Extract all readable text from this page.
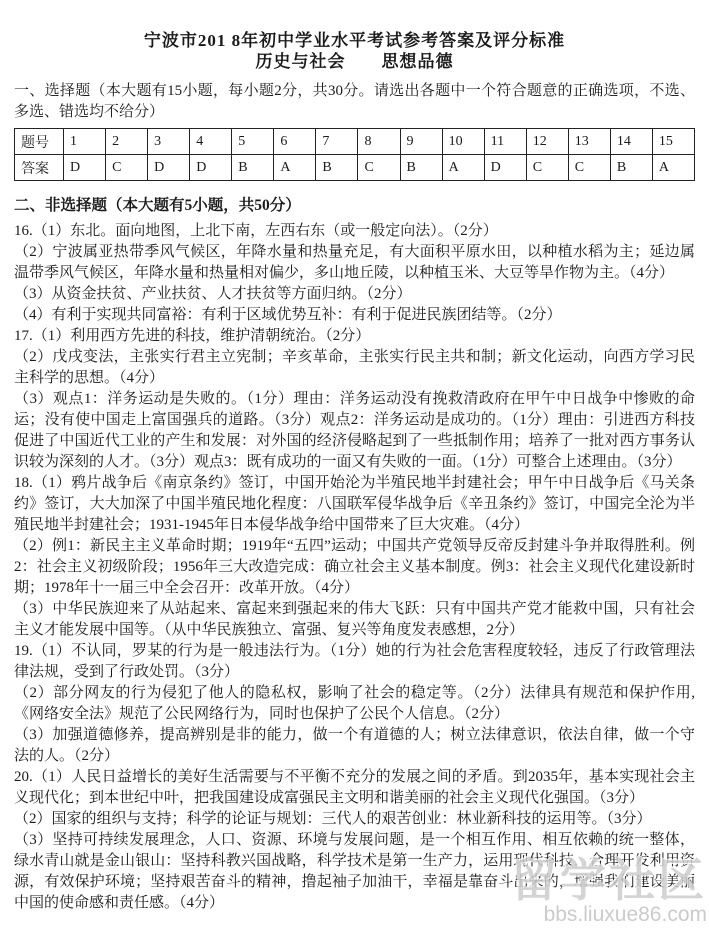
宁波市201 8年初中学业水平考试参考答案及评分标准
历史与社会　　思想品德

一、选择题（本大题有15小题，每小题2分，共30分。请选出各题中一个符合题意的正确选项，不选、多选、错选均不给分）

题号	1	2	3	4	5	6	7	8	9	10	11	12	13	14	15
答案	D	C	D	D	B	A	B	C	B	A	D	C	C	B	A

二、非选择题（本大题有5小题，共50分）

16.（1）东北。面向地图，上北下南，左西右东（或一般定向法）。（2分）

（2）宁波属亚热带季风气候区，年降水量和热量充足，有大面积平原水田，以种植水稻为主；延边属温带季风气候区，年降水量和热量相对偏少，多山地丘陵，以种植玉米、大豆等旱作物为主。（4分）

（3）从资金扶贫、产业扶贫、人才扶贫等方面归纳。（2分）

（4）有利于实现共同富裕：有利于区域优势互补：有利于促进民族团结等。（2分）

17.（1）利用西方先进的科技，维护清朝统治。（2分）

（2）戊戌变法，主张实行君主立宪制；辛亥革命，主张实行民主共和制；新文化运动，向西方学习民主科学的思想。（4分）

（3）观点1：洋务运动是失败的。（1分）理由：洋务运动没有挽救清政府在甲午中日战争中惨败的命运；没有使中国走上富国强兵的道路。（3分）观点2：洋务运动是成功的。（1分）理由：引进西方科技促进了中国近代工业的产生和发展：对外国的经济侵略起到了一些抵制作用；培养了一批对西方事务认识较为深刻的人才。（3分）观点3：既有成功的一面又有失败的一面。（1分）可整合上述理由。（3分）

18.（1）鸦片战争后《南京条约》签订，中国开始沦为半殖民地半封建社会；甲午中日战争后《马关条约》签订，大大加深了中国半殖民地化程度：八国联军侵华战争后《辛丑条约》签订，中国完全沦为半殖民地半封建社会；1931-1945年日本侵华战争给中国带来了巨大灾难。（4分）

（2）例1：新民主主义革命时期；1919年“五四”运动；中国共产党领导反帝反封建斗争并取得胜利。例2：社会主义初级阶段；1956年三大改造完成：确立社会主义基本制度。例3：社会主义现代化建设新时期；1978年十一届三中全会召开：改革开放。（4分）

（3）中华民族迎来了从站起来、富起来到强起来的伟大飞跃：只有中国共产党才能救中国，只有社会主义才能发展中国等。（从中华民族独立、富强、复兴等角度发表感想，2分）

19.（1）不认同，罗某的行为是一般违法行为。（1分）她的行为社会危害程度较轻，违反了行政管理法律法规，受到了行政处罚。（3分）

（2）部分网友的行为侵犯了他人的隐私权，影响了社会的稳定等。（2分）法律具有规范和保护作用,《网络安全法》规范了公民网络行为，同时也保护了公民个人信息。（2分）

（3）加强道德修养，提高辨别是非的能力，做一个有道德的人；树立法律意识，依法自律，做一个守法的人。（2分）

20.（1）人民日益增长的美好生活需要与不平衡不充分的发展之间的矛盾。到2035年，基本实现社会主义现代化；到本世纪中叶，把我国建设成富强民主文明和谐美丽的社会主义现代化强国。（3分）

（2）国家的组织与支持；科学的论证与规划：三代人的艰苦创业：林业新科技的运用等。（3分）

（3）坚持可持续发展理念，人口、资源、环境与发展问题，是一个相互作用、相互依赖的统一整体，绿水青山就是金山银山：坚持科教兴国战略，科学技术是第一生产力，运用现代科技，合理开发利用资源，有效保护环境；坚持艰苦奋斗的精神，撸起袖子加油干，幸福是靠奋斗出来的，增强我们建设美丽中国的使命感和责任感。（4分）	留学社区
bbs.liuxue86.com
